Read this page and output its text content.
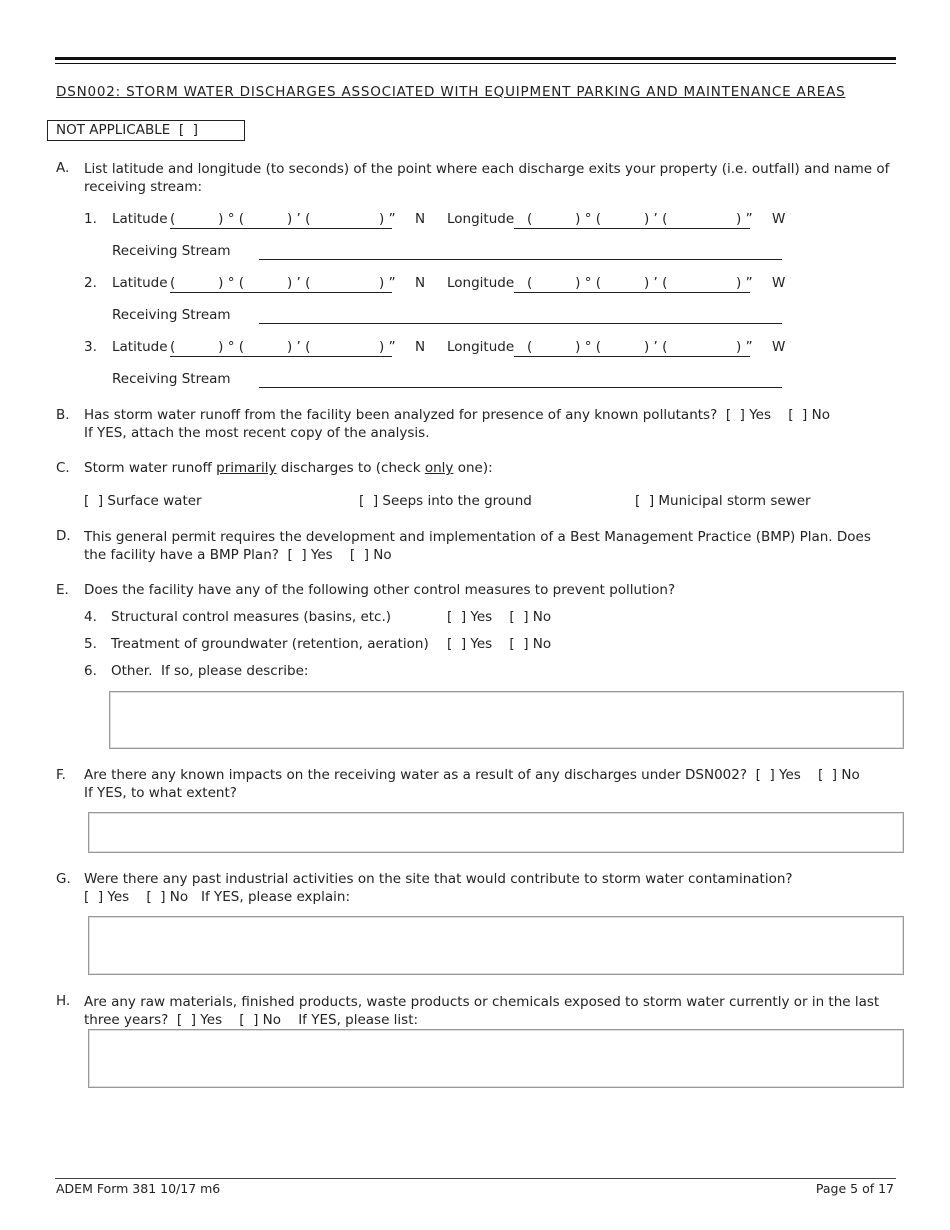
DSN002: STORM WATER DISCHARGES ASSOCIATED WITH EQUIPMENT PARKING AND MAINTENANCE AREAS
NOT APPLICABLE  [  ]
A. List latitude and longitude (to seconds) of the point where each discharge exits your property (i.e. outfall) and name of receiving stream:
1. Latitude (          ) ° (          ) ’ (                ) ” N Longitude (          ) ° (          ) ’ (                ) ” W
Receiving Stream
2. Latitude (          ) ° (          ) ’ (                ) ” N Longitude (          ) ° (          ) ’ (                ) ” W
Receiving Stream
3. Latitude (          ) ° (          ) ’ (                ) ” N Longitude (          ) ° (          ) ’ (                ) ” W
Receiving Stream
B. Has storm water runoff from the facility been analyzed for presence of any known pollutants?  [  ] Yes    [  ] No
If YES, attach the most recent copy of the analysis.
C. Storm water runoff primarily discharges to (check only one):
[  ] Surface water	[  ] Seeps into the ground	[  ] Municipal storm sewer
D. This general permit requires the development and implementation of a Best Management Practice (BMP) Plan. Does the facility have a BMP Plan?  [  ] Yes    [  ] No
E. Does the facility have any of the following other control measures to prevent pollution?
4. Structural control measures (basins, etc.)	[  ] Yes    [  ] No
5. Treatment of groundwater (retention, aeration) [  ] Yes    [  ] No
6. Other.  If so, please describe:
F. Are there any known impacts on the receiving water as a result of any discharges under DSN002?  [  ] Yes    [  ] No
If YES, to what extent?
G. Were there any past industrial activities on the site that would contribute to storm water contamination?
[  ] Yes    [  ] No   If YES, please explain:
H. Are any raw materials, finished products, waste products or chemicals exposed to storm water currently or in the last three years?  [  ] Yes    [  ] No    If YES, please list:
ADEM Form 381 10/17 m6	Page 5 of 17
